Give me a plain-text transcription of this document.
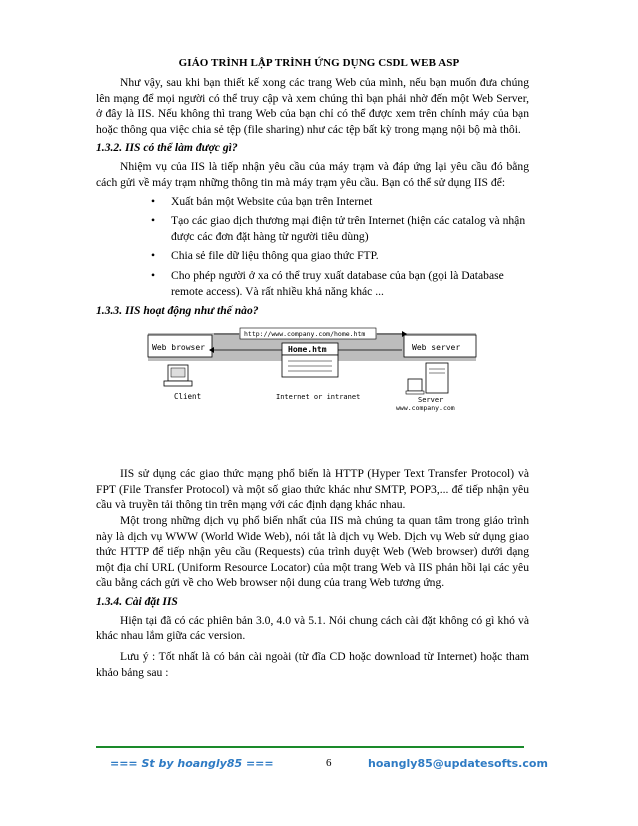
GIÁO TRÌNH LẬP TRÌNH ỨNG DỤNG CSDL WEB ASP

Như vậy, sau khi bạn thiết kế xong các trang Web của mình, nếu bạn muốn đưa chúng lên mạng để mọi người có thể truy cập và xem chúng thì bạn phải nhờ đến một Web Server, ở đây là IIS. Nếu không thì trang Web của bạn chỉ có thể được xem trên chính máy của bạn hoặc thông qua việc chia sẻ tệp (file sharing) như các tệp bất kỳ trong mạng nội bộ mà thôi.

1.3.2. IIS có thể làm được gì?

Nhiệm vụ của IIS là tiếp nhận yêu cầu của máy trạm và đáp ứng lại yêu cầu đó bằng cách gửi về máy trạm những thông tin mà máy trạm yêu cầu. Bạn có thể sử dụng IIS để:

• Xuất bản một Website của bạn trên Internet
• Tạo các giao dịch thương mại điện tử trên Internet (hiện các catalog và nhận được các đơn đặt hàng từ người tiêu dùng)
• Chia sẻ file dữ liệu thông qua giao thức FTP.
• Cho phép người ở xa có thể truy xuất database của bạn (gọi là Database remote access). Và rất nhiều khả năng khác ...
1.3.3. IIS hoạt động như thế nào?
Web browser	Web server
http://www.company.com/home.htm
Home.htm
Client	Internet or intranet	Server
www.company.com

IIS sử dụng các giao thức mạng phổ biến là HTTP (Hyper Text Transfer Protocol) và FPT (File Transfer Protocol) và một số giao thức khác như SMTP, POP3,... để tiếp nhận yêu cầu và truyền tải thông tin trên mạng với các định dạng khác nhau.

Một trong những dịch vụ phổ biến nhất của IIS mà chúng ta quan tâm trong giáo trình này là dịch vụ WWW (World Wide Web), nói tắt là dịch vụ Web. Dịch vụ Web sử dụng giao thức HTTP để tiếp nhận yêu cầu (Requests) của trình duyệt Web (Web browser) dưới dạng một địa chỉ URL (Uniform Resource Locator) của một trang Web và IIS phản hồi lại các yêu cầu bằng cách gửi về cho Web browser nội dung của trang Web tương ứng.

1.3.4. Cài đặt IIS

Hiện tại đã có các phiên bản 3.0, 4.0 và 5.1. Nói chung cách cài đặt không có gì khó và khác nhau lắm giữa các version.

Lưu ý : Tốt nhất là có bản cài ngoài (từ đĩa CD hoặc download từ Internet) hoặc tham khảo bảng sau :

=== St by hoangly85 ===	6	hoangly85@updatesofts.com
